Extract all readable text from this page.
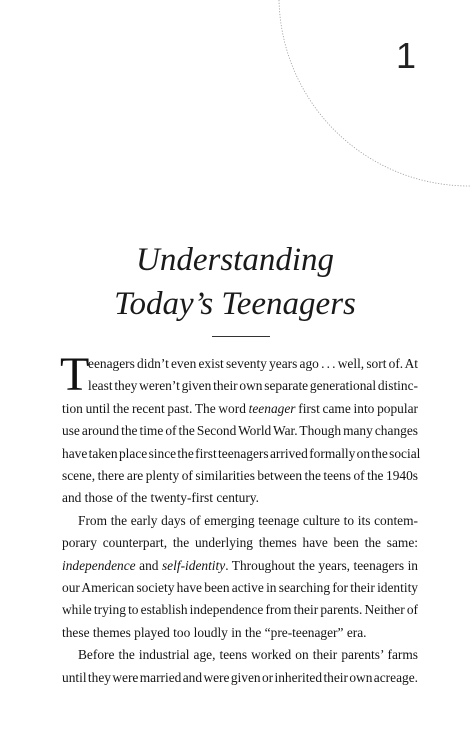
1
Understanding
Today’s Teenagers
T
eenagers didn’t even exist seventy years ago . . . well, sort of. At
least they weren’t given their own separate generational distinc-
tion until the recent past. The word teenager first came into popular
use around the time of the Second World War. Though many changes
have taken place since the first teenagers arrived formally on the social
scene, there are plenty of similarities between the teens of the 1940s
and those of the twenty-first century.
From the early days of emerging teenage culture to its contem-
porary counterpart, the underlying themes have been the same:
independence and self-identity. Throughout the years, teenagers in
our American society have been active in searching for their identity
while trying to establish independence from their parents. Neither of
these themes played too loudly in the “pre-teenager” era.
Before the industrial age, teens worked on their parents’ farms
until they were married and were given or inherited their own acreage.
